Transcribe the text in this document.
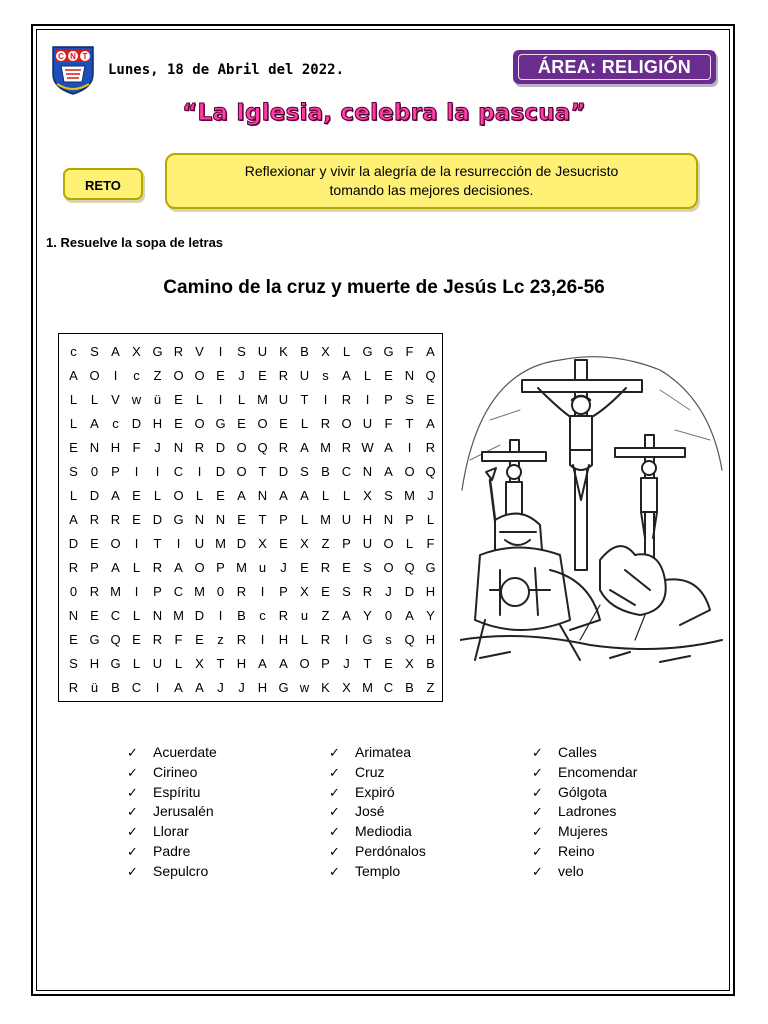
C N T
Lunes, 18 de Abril del 2022.	ÁREA: RELIGIÓN
“La Iglesia, celebra la pascua”
RETO
Reflexionar y vivir la alegría de la resurrección de Jesucristo tomando las mejores decisiones.
1. Resuelve la sopa de letras
Camino de la cruz y muerte de Jesús Lc 23,26-56
c	S A X G R V	I	S U K B X	L G G F A
A O	I	c	Z O O E	J	E R U	s	A	L	E N Q
L	L	V w ü	E	L	I	L M U T	I	R	I	P S E
L	A	c	D H E O G E O E	L R O U F	T A
E N H F	J	N R D O Q R A M R W A	I	R
S	0	P	I	I	C	I	D O T D S B C N A O Q
L D A E	L O L	E A N A A	L	L	X S M J
A R R E D G N N E T P	L M U H N P	L
D E O	I	T	I	U M D X E X Z P U O L	F
R P A	L R A O P M u	J	E R E S O Q G
0 R M	I	P C M 0 R	I	P X E S R	J	D H
N E C L N M D	I	B	c	R u	Z A Y	0	A Y
E G Q E R F E	z	R	I	H L R	I	G s Q H
S H G L U L	X T H A A O P	J	T E X B
R ü	B C	I	A A	J	J	H G w K X M C B Z
✓ Acuerdate
✓ Cirineo
✓ Espíritu
✓ Jerusalén
✓ Llorar
✓ Padre
✓ Sepulcro
✓ Arimatea
✓ Cruz
✓ Expiró
✓ José
✓ Mediodia
✓ Perdónalos
✓ Templo
✓ Calles
✓ Encomendar
✓ Gólgota
✓ Ladrones
✓ Mujeres
✓ Reino
✓ velo
